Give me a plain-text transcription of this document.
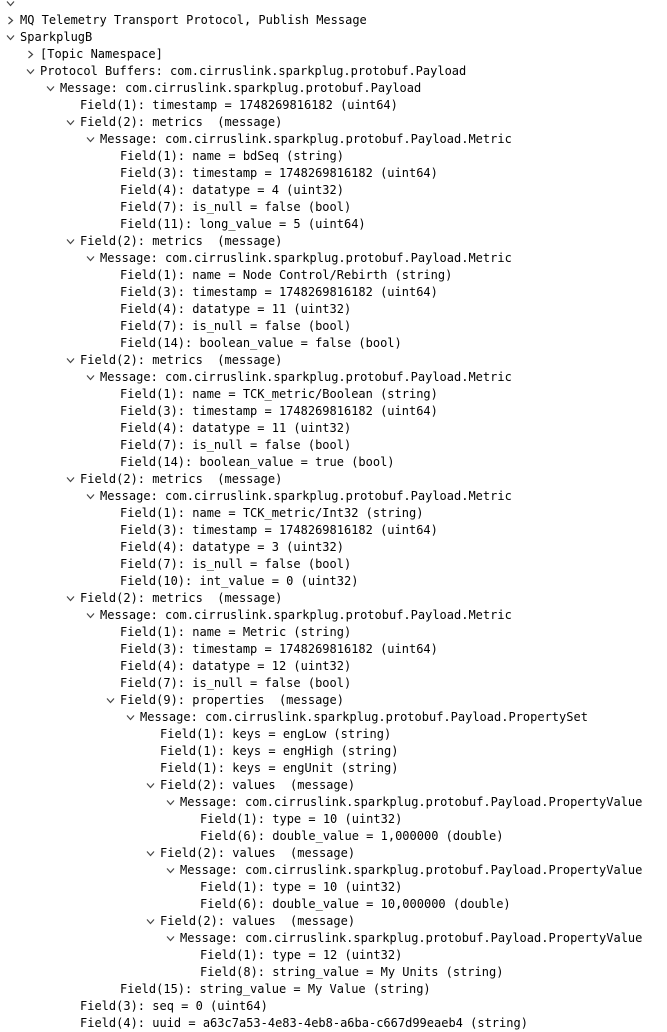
MQ Telemetry Transport Protocol, Publish Message
SparkplugB
[Topic Namespace]
Protocol Buffers: com.cirruslink.sparkplug.protobuf.Payload
Message: com.cirruslink.sparkplug.protobuf.Payload
Field(1): timestamp = 1748269816182 (uint64)
Field(2): metrics  (message)
Message: com.cirruslink.sparkplug.protobuf.Payload.Metric
Field(1): name = bdSeq (string)
Field(3): timestamp = 1748269816182 (uint64)
Field(4): datatype = 4 (uint32)
Field(7): is_null = false (bool)
Field(11): long_value = 5 (uint64)
Field(2): metrics  (message)
Message: com.cirruslink.sparkplug.protobuf.Payload.Metric
Field(1): name = Node Control/Rebirth (string)
Field(3): timestamp = 1748269816182 (uint64)
Field(4): datatype = 11 (uint32)
Field(7): is_null = false (bool)
Field(14): boolean_value = false (bool)
Field(2): metrics  (message)
Message: com.cirruslink.sparkplug.protobuf.Payload.Metric
Field(1): name = TCK_metric/Boolean (string)
Field(3): timestamp = 1748269816182 (uint64)
Field(4): datatype = 11 (uint32)
Field(7): is_null = false (bool)
Field(14): boolean_value = true (bool)
Field(2): metrics  (message)
Message: com.cirruslink.sparkplug.protobuf.Payload.Metric
Field(1): name = TCK_metric/Int32 (string)
Field(3): timestamp = 1748269816182 (uint64)
Field(4): datatype = 3 (uint32)
Field(7): is_null = false (bool)
Field(10): int_value = 0 (uint32)
Field(2): metrics  (message)
Message: com.cirruslink.sparkplug.protobuf.Payload.Metric
Field(1): name = Metric (string)
Field(3): timestamp = 1748269816182 (uint64)
Field(4): datatype = 12 (uint32)
Field(7): is_null = false (bool)
Field(9): properties  (message)
Message: com.cirruslink.sparkplug.protobuf.Payload.PropertySet
Field(1): keys = engLow (string)
Field(1): keys = engHigh (string)
Field(1): keys = engUnit (string)
Field(2): values  (message)
Message: com.cirruslink.sparkplug.protobuf.Payload.PropertyValue
Field(1): type = 10 (uint32)
Field(6): double_value = 1,000000 (double)
Field(2): values  (message)
Message: com.cirruslink.sparkplug.protobuf.Payload.PropertyValue
Field(1): type = 10 (uint32)
Field(6): double_value = 10,000000 (double)
Field(2): values  (message)
Message: com.cirruslink.sparkplug.protobuf.Payload.PropertyValue
Field(1): type = 12 (uint32)
Field(8): string_value = My Units (string)
Field(15): string_value = My Value (string)
Field(3): seq = 0 (uint64)
Field(4): uuid = a63c7a53-4e83-4eb8-a6ba-c667d99eaeb4 (string)
